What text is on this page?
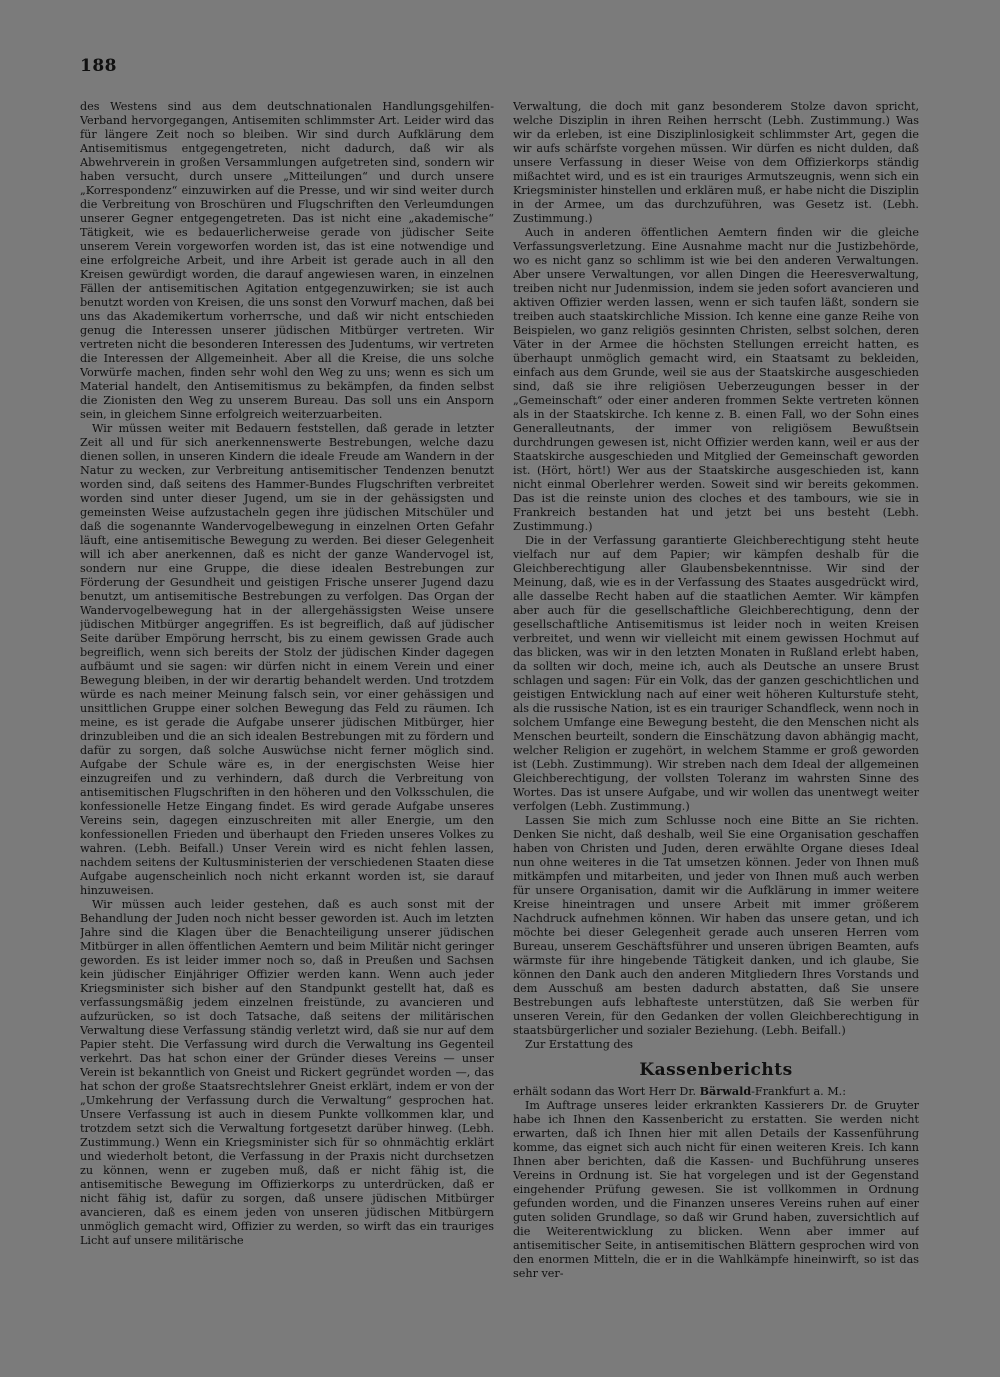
188

des Westens sind aus dem deutschnationalen Handlungsgehilfen-Verband hervorgegangen, Antisemiten schlimmster Art. Leider wird das für längere Zeit noch so bleiben. Wir sind durch Aufklärung dem Antisemitismus entgegengetreten, nicht dadurch, daß wir als Abwehrverein in großen Versammlungen aufgetreten sind, sondern wir haben versucht, durch unsere „Mitteilungen“ und durch unsere „Korrespondenz“ einzuwirken auf die Presse, und wir sind weiter durch die Verbreitung von Broschüren und Flugschriften den Verleumdungen unserer Gegner entgegengetreten. Das ist nicht eine „akademische“ Tätigkeit, wie es bedauerlicherweise gerade von jüdischer Seite unserem Verein vorgeworfen worden ist, das ist eine notwendige und eine erfolgreiche Arbeit, und ihre Arbeit ist gerade auch in all den Kreisen gewürdigt worden, die darauf angewiesen waren, in einzelnen Fällen der antisemitischen Agitation entgegenzuwirken; sie ist auch benutzt worden von Kreisen, die uns sonst den Vorwurf machen, daß bei uns das Akademikertum vorherrsche, und daß wir nicht entschieden genug die Interessen unserer jüdischen Mitbürger vertreten. Wir vertreten nicht die besonderen Interessen des Judentums, wir vertreten die Interessen der Allgemeinheit. Aber all die Kreise, die uns solche Vorwürfe machen, finden sehr wohl den Weg zu uns; wenn es sich um Material handelt, den Antisemitismus zu bekämpfen, da finden selbst die Zionisten den Weg zu unserem Bureau. Das soll uns ein Ansporn sein, in gleichem Sinne erfolgreich weiterzuarbeiten.

Wir müssen weiter mit Bedauern feststellen, daß gerade in letzter Zeit all und für sich anerkennenswerte Bestrebungen, welche dazu dienen sollen, in unseren Kindern die ideale Freude am Wandern in der Natur zu wecken, zur Verbreitung antisemitischer Tendenzen benutzt worden sind, daß seitens des Hammer-Bundes Flugschriften verbreitet worden sind unter dieser Jugend, um sie in der gehässigsten und gemeinsten Weise aufzustacheln gegen ihre jüdischen Mitschüler und daß die sogenannte Wandervogelbewegung in einzelnen Orten Gefahr läuft, eine antisemitische Bewegung zu werden. Bei dieser Gelegenheit will ich aber anerkennen, daß es nicht der ganze Wandervogel ist, sondern nur eine Gruppe, die diese idealen Bestrebungen zur Förderung der Gesundheit und geistigen Frische unserer Jugend dazu benutzt, um antisemitische Bestrebungen zu verfolgen. Das Organ der Wandervogelbewegung hat in der allergehässigsten Weise unsere jüdischen Mitbürger angegriffen. Es ist begreiflich, daß auf jüdischer Seite darüber Empörung herrscht, bis zu einem gewissen Grade auch begreiflich, wenn sich bereits der Stolz der jüdischen Kinder dagegen aufbäumt und sie sagen: wir dürfen nicht in einem Verein und einer Bewegung bleiben, in der wir derartig behandelt werden. Und trotzdem würde es nach meiner Meinung falsch sein, vor einer gehässigen und unsittlichen Gruppe einer solchen Bewegung das Feld zu räumen. Ich meine, es ist gerade die Aufgabe unserer jüdischen Mitbürger, hier drinzubleiben und die an sich idealen Bestrebungen mit zu fördern und dafür zu sorgen, daß solche Auswüchse nicht ferner möglich sind. Aufgabe der Schule wäre es, in der energischsten Weise hier einzugreifen und zu verhindern, daß durch die Verbreitung von antisemitischen Flugschriften in den höheren und den Volksschulen, die konfessionelle Hetze Eingang findet. Es wird gerade Aufgabe unseres Vereins sein, dagegen einzuschreiten mit aller Energie, um den konfessionellen Frieden und überhaupt den Frieden unseres Volkes zu wahren. (Lebh. Beifall.) Unser Verein wird es nicht fehlen lassen, nachdem seitens der Kultusministerien der verschiedenen Staaten diese Aufgabe augenscheinlich noch nicht erkannt worden ist, sie darauf hinzuweisen.

Wir müssen auch leider gestehen, daß es auch sonst mit der Behandlung der Juden noch nicht besser geworden ist. Auch im letzten Jahre sind die Klagen über die Benachteiligung unserer jüdischen Mitbürger in allen öffentlichen Aemtern und beim Militär nicht geringer geworden. Es ist leider immer noch so, daß in Preußen und Sachsen kein jüdischer Einjähriger Offizier werden kann. Wenn auch jeder Kriegsminister sich bisher auf den Standpunkt gestellt hat, daß es verfassungsmäßig jedem einzelnen freistünde, zu avancieren und aufzurücken, so ist doch Tatsache, daß seitens der militärischen Verwaltung diese Verfassung ständig verletzt wird, daß sie nur auf dem Papier steht. Die Verfassung wird durch die Verwaltung ins Gegenteil verkehrt. Das hat schon einer der Gründer dieses Vereins — unser Verein ist bekanntlich von Gneist und Rickert gegründet worden —, das hat schon der große Staatsrechtslehrer Gneist erklärt, indem er von der „Umkehrung der Verfassung durch die Verwaltung“ gesprochen hat. Unsere Verfassung ist auch in diesem Punkte vollkommen klar, und trotzdem setzt sich die Verwaltung fortgesetzt darüber hinweg. (Lebh. Zustimmung.) Wenn ein Kriegsminister sich für so ohnmächtig erklärt und wiederholt betont, die Verfassung in der Praxis nicht durchsetzen zu können, wenn er zugeben muß, daß er nicht fähig ist, die antisemitische Bewegung im Offizierkorps zu unterdrücken, daß er nicht fähig ist, dafür zu sorgen, daß unsere jüdischen Mitbürger avancieren, daß es einem jeden von unseren jüdischen Mitbürgern unmöglich gemacht wird, Offizier zu werden, so wirft das ein trauriges Licht auf unsere militärische

Verwaltung, die doch mit ganz besonderem Stolze davon spricht, welche Disziplin in ihren Reihen herrscht (Lebh. Zustimmung.) Was wir da erleben, ist eine Disziplinlosigkeit schlimmster Art, gegen die wir aufs schärfste vorgehen müssen. Wir dürfen es nicht dulden, daß unsere Verfassung in dieser Weise von dem Offizierkorps ständig mißachtet wird, und es ist ein trauriges Armutszeugnis, wenn sich ein Kriegsminister hinstellen und erklären muß, er habe nicht die Disziplin in der Armee, um das durchzuführen, was Gesetz ist. (Lebh. Zustimmung.)

Auch in anderen öffentlichen Aemtern finden wir die gleiche Verfassungsverletzung. Eine Ausnahme macht nur die Justizbehörde, wo es nicht ganz so schlimm ist wie bei den anderen Verwaltungen. Aber unsere Verwaltungen, vor allen Dingen die Heeresverwaltung, treiben nicht nur Judenmission, indem sie jeden sofort avancieren und aktiven Offizier werden lassen, wenn er sich taufen läßt, sondern sie treiben auch staatskirchliche Mission. Ich kenne eine ganze Reihe von Beispielen, wo ganz religiös gesinnten Christen, selbst solchen, deren Väter in der Armee die höchsten Stellungen erreicht hatten, es überhaupt unmöglich gemacht wird, ein Staatsamt zu bekleiden, einfach aus dem Grunde, weil sie aus der Staatskirche ausgeschieden sind, daß sie ihre religiösen Ueberzeugungen besser in der „Gemeinschaft“ oder einer anderen frommen Sekte vertreten können als in der Staatskirche. Ich kenne z. B. einen Fall, wo der Sohn eines Generalleutnants, der immer von religiösem Bewußtsein durchdrungen gewesen ist, nicht Offizier werden kann, weil er aus der Staatskirche ausgeschieden und Mitglied der Gemeinschaft geworden ist. (Hört, hört!) Wer aus der Staatskirche ausgeschieden ist, kann nicht einmal Oberlehrer werden. Soweit sind wir bereits gekommen. Das ist die reinste union des cloches et des tambours, wie sie in Frankreich bestanden hat und jetzt bei uns besteht (Lebh. Zustimmung.)

Die in der Verfassung garantierte Gleichberechtigung steht heute vielfach nur auf dem Papier; wir kämpfen deshalb für die Gleichberechtigung aller Glaubensbekenntnisse. Wir sind der Meinung, daß, wie es in der Verfassung des Staates ausgedrückt wird, alle dasselbe Recht haben auf die staatlichen Aemter. Wir kämpfen aber auch für die gesellschaftliche Gleichberechtigung, denn der gesellschaftliche Antisemitismus ist leider noch in weiten Kreisen verbreitet, und wenn wir vielleicht mit einem gewissen Hochmut auf das blicken, was wir in den letzten Monaten in Rußland erlebt haben, da sollten wir doch, meine ich, auch als Deutsche an unsere Brust schlagen und sagen: Für ein Volk, das der ganzen geschichtlichen und geistigen Entwicklung nach auf einer weit höheren Kulturstufe steht, als die russische Nation, ist es ein trauriger Schandfleck, wenn noch in solchem Umfange eine Bewegung besteht, die den Menschen nicht als Menschen beurteilt, sondern die Einschätzung davon abhängig macht, welcher Religion er zugehört, in welchem Stamme er groß geworden ist (Lebh. Zustimmung). Wir streben nach dem Ideal der allgemeinen Gleichberechtigung, der vollsten Toleranz im wahrsten Sinne des Wortes. Das ist unsere Aufgabe, und wir wollen das unentwegt weiter verfolgen (Lebh. Zustimmung.)

Lassen Sie mich zum Schlusse noch eine Bitte an Sie richten. Denken Sie nicht, daß deshalb, weil Sie eine Organisation geschaffen haben von Christen und Juden, deren erwählte Organe dieses Ideal nun ohne weiteres in die Tat umsetzen können. Jeder von Ihnen muß mitkämpfen und mitarbeiten, und jeder von Ihnen muß auch werben für unsere Organisation, damit wir die Aufklärung in immer weitere Kreise hineintragen und unsere Arbeit mit immer größerem Nachdruck aufnehmen können. Wir haben das unsere getan, und ich möchte bei dieser Gelegenheit gerade auch unseren Herren vom Bureau, unserem Geschäftsführer und unseren übrigen Beamten, aufs wärmste für ihre hingebende Tätigkeit danken, und ich glaube, Sie können den Dank auch den anderen Mitgliedern Ihres Vorstands und dem Ausschuß am besten dadurch abstatten, daß Sie unsere Bestrebungen aufs lebhafteste unterstützen, daß Sie werben für unseren Verein, für den Gedanken der vollen Gleichberechtigung in staatsbürgerlicher und sozialer Beziehung. (Lebh. Beifall.)

Zur Erstattung des

Kassenberichts

erhält sodann das Wort Herr Dr. Bärwald-Frankfurt a. M.:

Im Auftrage unseres leider erkrankten Kassierers Dr. de Gruyter habe ich Ihnen den Kassenbericht zu erstatten. Sie werden nicht erwarten, daß ich Ihnen hier mit allen Details der Kassenführung komme, das eignet sich auch nicht für einen weiteren Kreis. Ich kann Ihnen aber berichten, daß die Kassen- und Buchführung unseres Vereins in Ordnung ist. Sie hat vorgelegen und ist der Gegenstand eingehender Prüfung gewesen. Sie ist vollkommen in Ordnung gefunden worden, und die Finanzen unseres Vereins ruhen auf einer guten soliden Grundlage, so daß wir Grund haben, zuversichtlich auf die Weiterentwicklung zu blicken. Wenn aber immer auf antisemitischer Seite, in antisemitischen Blättern gesprochen wird von den enormen Mitteln, die er in die Wahlkämpfe hineinwirft, so ist das sehr ver-
